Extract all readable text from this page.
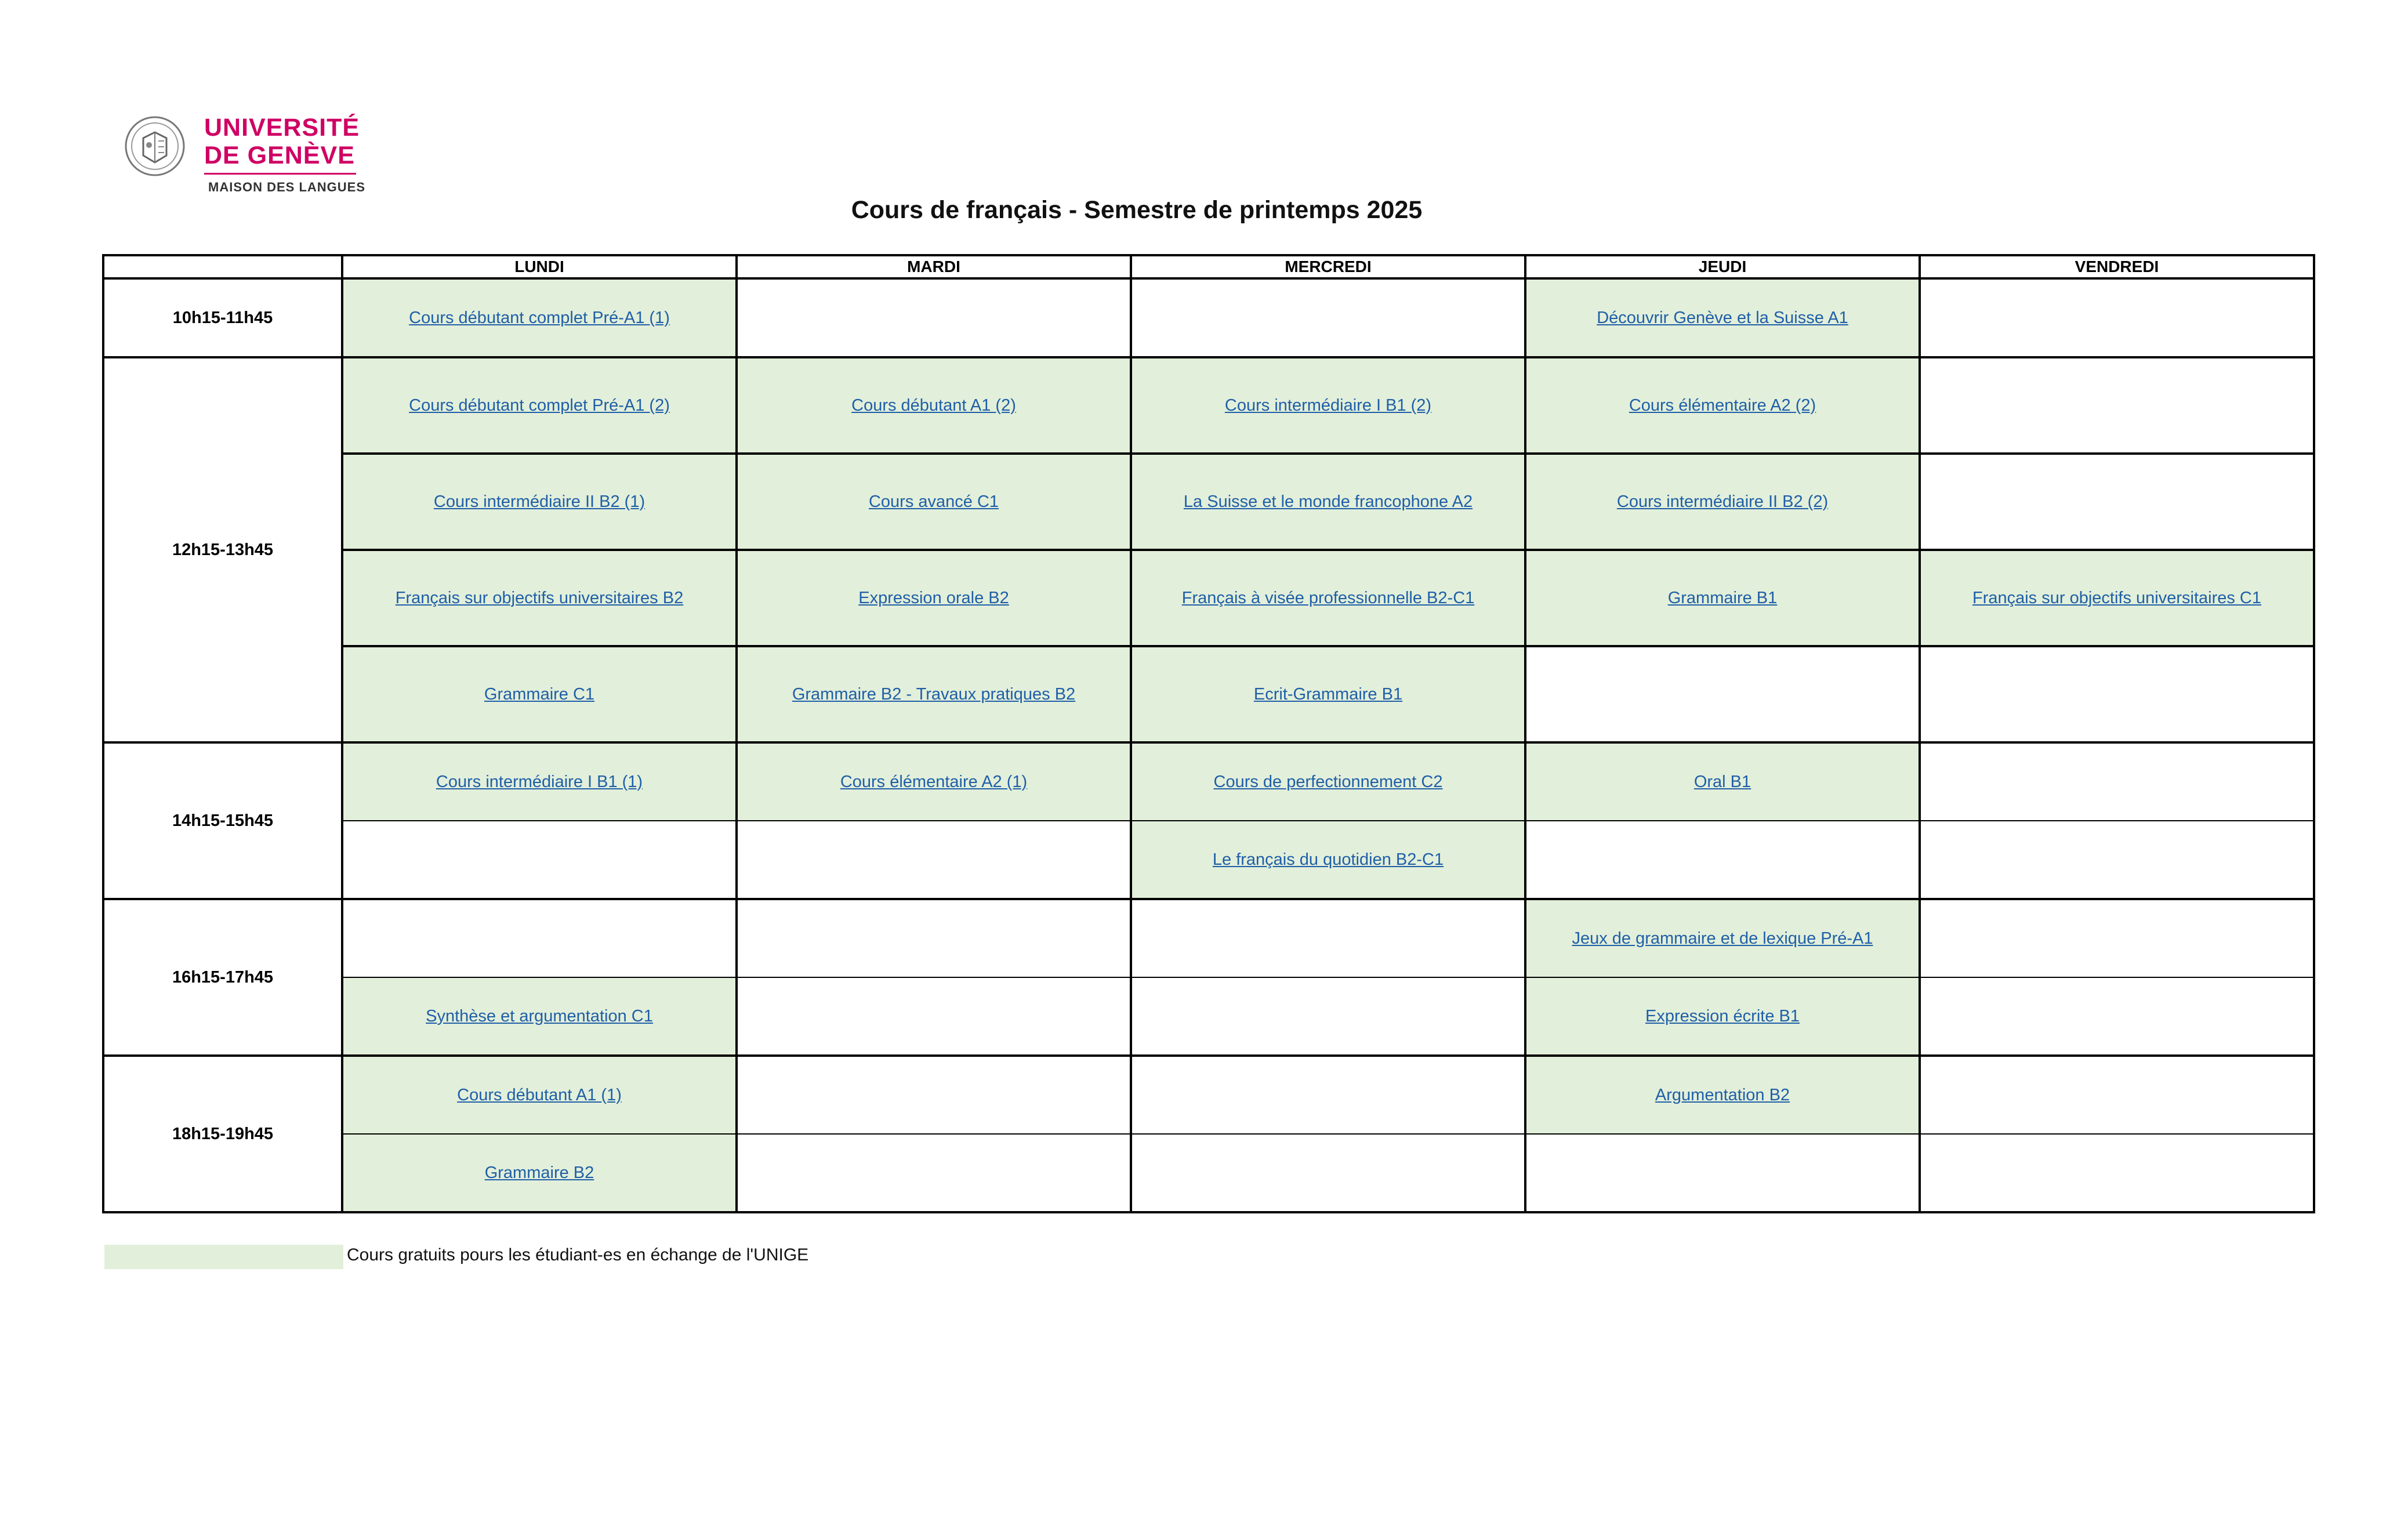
UNIVERSITÉ
DE GENÈVE
MAISON DES LANGUES
Cours de français - Semestre de printemps 2025
	LUNDI	MARDI	MERCREDI	JEUDI	VENDREDI
10h15-11h45	Cours débutant complet Pré-A1 (1)			Découvrir Genève et la Suisse A1	
12h15-13h45	Cours débutant complet Pré-A1 (2)	Cours débutant A1 (2)	Cours intermédiaire I B1 (2)	Cours élémentaire A2 (2)	
	Cours intermédiaire II B2 (1)	Cours avancé C1	La Suisse et le monde francophone A2	Cours intermédiaire II B2 (2)	
	Français sur objectifs universitaires B2	Expression orale B2	Français à visée professionnelle B2-C1	Grammaire B1	Français sur objectifs universitaires C1
	Grammaire C1	Grammaire B2 - Travaux pratiques B2	Ecrit-Grammaire B1		
14h15-15h45	Cours intermédiaire I B1 (1)	Cours élémentaire A2 (1)	Cours de perfectionnement C2	Oral B1	
			Le français du quotidien B2-C1		
16h15-17h45				Jeux de grammaire et de lexique Pré-A1	
	Synthèse et argumentation C1			Expression écrite B1	
18h15-19h45	Cours débutant A1 (1)			Argumentation B2	
	Grammaire B2				
Cours gratuits pours les étudiant-es en échange de l'UNIGE
